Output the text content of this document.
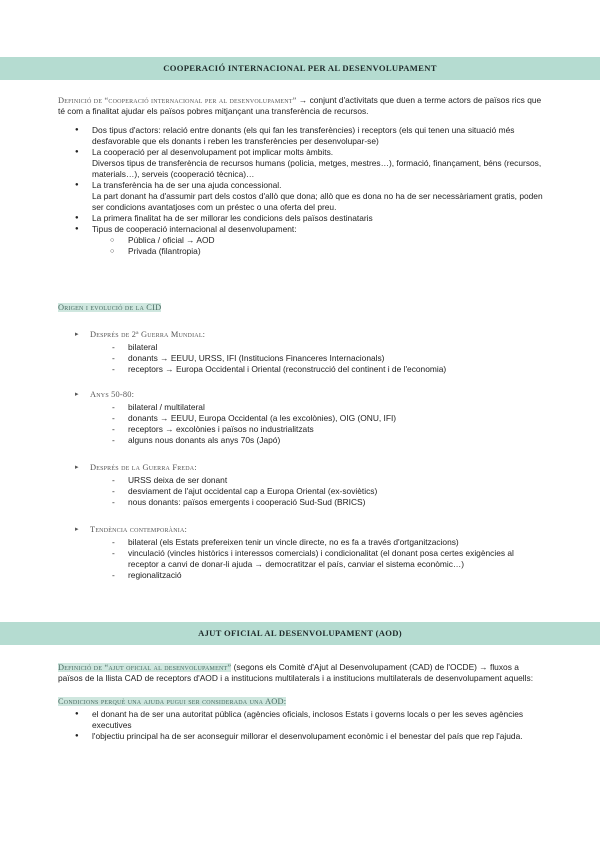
COOPERACIÓ INTERNACIONAL PER AL DESENVOLUPAMENT

Definició de “cooperació internacional per al desenvolupament” → conjunt d'activitats que duen a terme actors de països rics que té com a finalitat ajudar els països pobres mitjançant una transferència de recursos.

● Dos tipus d'actors: relació entre donants (els qui fan les transferències) i receptors (els qui tenen una situació més desfavorable que els donants i reben les transferències per desenvolupar-se)
● La cooperació per al desenvolupament pot implicar molts àmbits.
Diversos tipus de transferència de recursos humans (policia, metges, mestres…), formació, finançament, béns (recursos, materials…), serveis (cooperació tècnica)…
● La transferència ha de ser una ajuda concessional.
La part donant ha d'assumir part dels costos d'allò que dona; allò que es dona no ha de ser necessàriament gratis, poden ser condicions avantatjoses com un préstec o una oferta del preu.
● La primera finalitat ha de ser millorar les condicions dels països destinataris
● Tipus de cooperació internacional al desenvolupament:
○ Pública / oficial → AOD
○ Privada (filantropia)
Origen i evolució de la CID
▸ Després de 2ª Guerra Mundial:
- bilateral
- donants → EEUU, URSS, IFI (Institucions Financeres Internacionals)
- receptors → Europa Occidental i Oriental (reconstrucció del continent i de l'economia)
▸ Anys 50-80:
- bilateral / multilateral
- donants → EEUU, Europa Occidental (a les excolònies), OIG (ONU, IFI)
- receptors → excolònies i països no industrialitzats
- alguns nous donants als anys 70s (Japó)
▸ Després de la Guerra Freda:
- URSS deixa de ser donant
- desviament de l'ajut occidental cap a Europa Oriental (ex-soviètics)
- nous donants: països emergents i cooperació Sud-Sud (BRICS)
▸ Tendència contemporània:
- bilateral (els Estats prefereixen tenir un vincle directe, no es fa a través d'ortganitzacions)
- vinculació (vincles històrics i interessos comercials) i condicionalitat (el donant posa certes exigències al receptor a canvi de donar-li ajuda → democratitzar el país, canviar el sistema econòmic…)
- regionalització
AJUT OFICIAL AL DESENVOLUPAMENT (AOD)

Definició de “ajut oficial al desenvolupament” (segons els Comitè d'Ajut al Desenvolupament (CAD) de l'OCDE) → fluxos a països de la llista CAD de receptors d'AOD i a institucions multilaterals i a institucions multilaterals de desenvolupament aquells:

Condicions perquè una ajuda pugui ser considerada una AOD:
● el donant ha de ser una autoritat pública (agències oficials, inclosos Estats i governs locals o per les seves agències executives
● l'objectiu principal ha de ser aconseguir millorar el desenvolupament econòmic i el benestar del país que rep l'ajuda.
